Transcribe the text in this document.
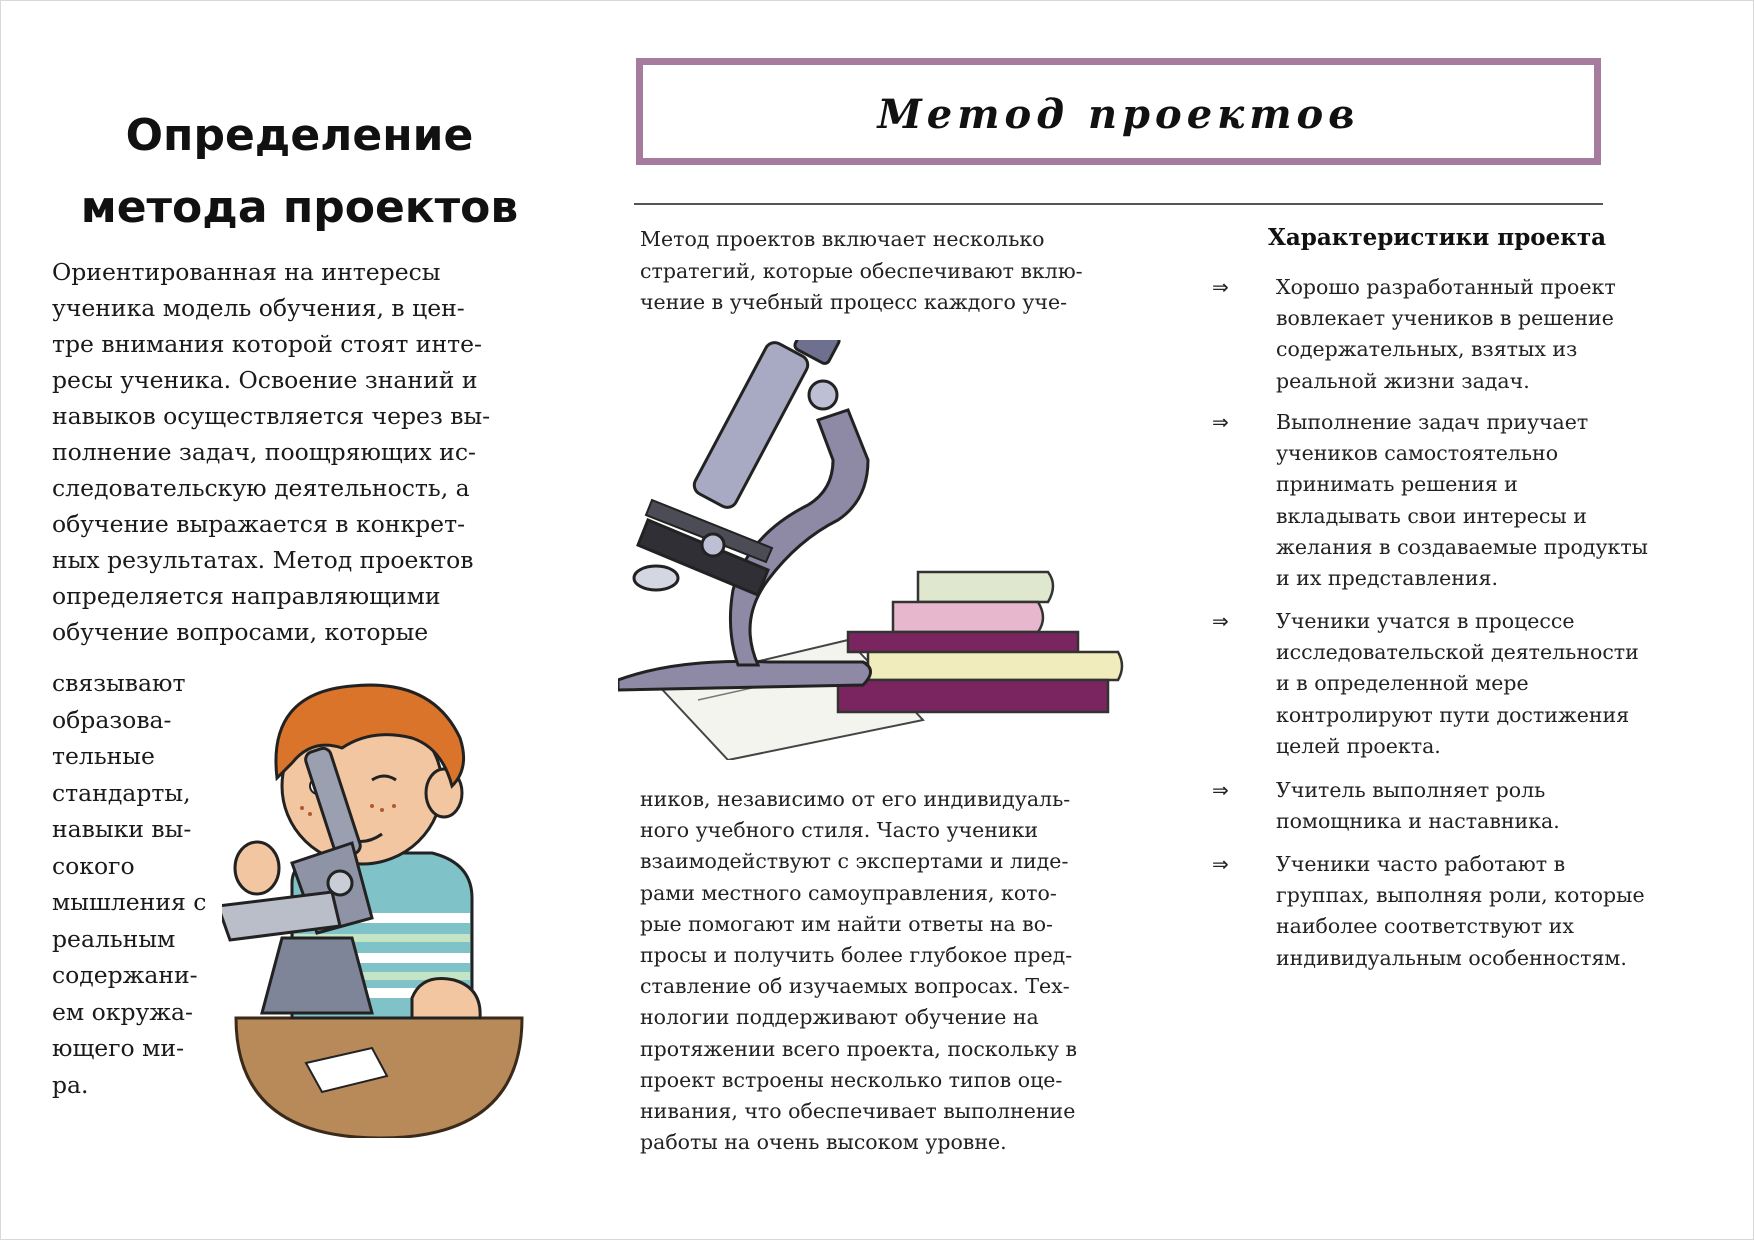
Определение
метода проектов
Ориентированная на интересы
ученика модель обучения, в цен-
тре внимания которой стоят инте-
ресы ученика. Освоение знаний и
навыков осуществляется через вы-
полнение задач, поощряющих ис-
следовательскую деятельность, а
обучение выражается в конкрет-
ных результатах. Метод проектов
определяется направляющими
обучение вопросами, которые
связывают
образова-
тельные
стандарты,
навыки вы-
сокого
мышления с
реальным
содержани-
ем окружа-
ющего ми-
ра.
Метод проектов
Метод проектов включает несколько
стратегий, которые обеспечивают вклю-
чение в учебный процесс каждого уче-
ников, независимо от его индивидуаль-
ного учебного стиля. Часто ученики
взаимодействуют с экспертами и лиде-
рами местного самоуправления, кото-
рые помогают им найти ответы на во-
просы и получить более глубокое пред-
ставление об изучаемых вопросах. Тех-
нологии поддерживают обучение на
протяжении всего проекта, поскольку в
проект встроены несколько типов оце-
нивания, что обеспечивает выполнение
работы на очень высоком уровне.
Характеристики проекта
⇒ Хорошо разработанный проект
вовлекает учеников в решение
содержательных, взятых из
реальной жизни задач.
⇒ Выполнение задач приучает
учеников самостоятельно
принимать решения и
вкладывать свои интересы и
желания в создаваемые продукты
и их представления.
⇒ Ученики учатся в процессе
исследовательской деятельности
и в определенной мере
контролируют пути достижения
целей проекта.
⇒ Учитель выполняет роль
помощника и наставника.
⇒ Ученики часто работают в
группах, выполняя роли, которые
наиболее соответствуют их
индивидуальным особенностям.
